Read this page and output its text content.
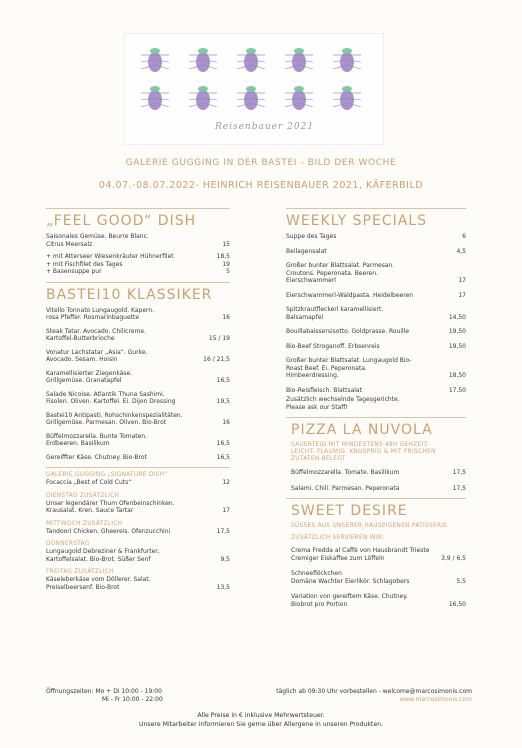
Reisenbauer 2021
GALERIE GUGGING IN DER BASTEI - BILD DER WOCHE
04.07.-08.07.2022- HEINRICH REISENBAUER 2021, KÄFERBILD
„FEEL GOOD“ DISH
Saisonales Gemüse. Beurre Blanc.
Citrus Meersalz	15
+ mit Atterseer Wiesenkräuter Hühnerfilet	18,5
+ mit Fischfilet des Tages	19
+ Basensuppe pur	5
BASTEI10 KLASSIKER
Vitello Tonnato Lungaugold. Kapern.
rosa Pfeffer. Rosmarinbaguette	16
Steak Tatar. Avocado. Chilicreme.
Kartoffel-Butterbrioche	15 / 19
Vonatur Lachstatar „Asia“. Gurke.
Avocado. Sesam. Hoisin	16 / 21,5
Karamellisierter Ziegenkäse.
Grillgemüse. Granatapfel	16,5
Salade Nicoise. Atlantik Thuna Sashimi.
Fisolen. Oliven. Kartoffel. Ei. Dijon Dressing	19,5
Bastei10 Antipasti. Rohschinkenspezialitäten.
Grillgemüse. Parmesan. Oliven. Bio-Brot	16
Büffelmozzarella. Bunte Tomaten.
Erdbeeren. Basilikum	16,5
Gereiffter Käse. Chutney. Bio-Brot	16,5
GALERIE GUGGING „SIGNATURE DISH“
Focaccia „Best of Cold Cuts“	12
DIENSTAG ZUSÄTZLICH
Unser legendärer Thum Ofenbeinschinken.
Krausalat. Kren. Sauce Tartar	17
MITTWOCH ZUSÄTZLICH
Tandoori Chicken. Gheereis. Ofenzucchini	17,5
DONNERSTAG
Lungaugold Debreziner & Frankfurter,
Kartoffelsalat. Bio-Brot. Süßer Senf	9,5
FREITAG ZUSÄTZLICH
Käseleberkäse vom Döllerer. Salat.
Preiselbeersenf. Bio-Brot	13,5
WEEKLY SPECIALS
Suppe des Tages	6
Beilagensalat	4,5
Großer bunter Blattsalat. Parmesan.
Croutons. Peperonata. Beeren.
Eierschwammerl	17
Eierschwammerl-Waldpasta. Heidelbeeren	17
Spitzkrautfleckerl karamellisiert.
Balsamapfel	14,50
Bouillabaissersisotto. Goldprasse. Rouille	19,50
Bio-Beef Stroganoff. Erbsenreis	19,50
Großer bunter Blattsalat. Lungaugold Bio-
Roast Beef. Ei. Peperonata.
Himbeerdressing.	18,50
Bio-Reisfleisch. Blattsalat	17,50
Zusätzlich wechselnde Tagesgerichte.
Please ask our Staff!
PIZZA LA NUVOLA
SAUERTEIG MIT MINDESTENS 48H GEHZEIT.
LEICHT. FLAUMIG. KNUSPRIG & MIT FRISCHEN
ZUTATEN BELEGT
Büffelmozzarella. Tomate. Basilikum	17,5
Salami. Chili. Parmesan. Peperonata	17,5
SWEET DESIRE
SÜSSES AUS UNSERER HAUSEIGENEN PATISSERIE
ZUSÄTZLICH SERVIEREN WIR:
Crema Fredda al Caffè von Hausbrandt Trieste
Cremiger Eiskaffee zum Löffeln	3,9 / 6,5
Schneeflöckchen
Domäne Wachter Eierlikör. Schlagobers	5,5
Variation von gereiftem Käse. Chutney.
Biobrot pro Portion	16,50
Öffnungszeiten: Mo + Di 10:00 - 19:00
Mi - Fr 10:00 - 22:00
täglich ab 09:30 Uhr vorbestellen - welcome@marcosimonis.com
www.marcosimonis.com
Alle Preise in € inklusive Mehrwertsteuer.
Unsere Mitarbeiter informieren Sie gerne über Allergene in unseren Produkten.
